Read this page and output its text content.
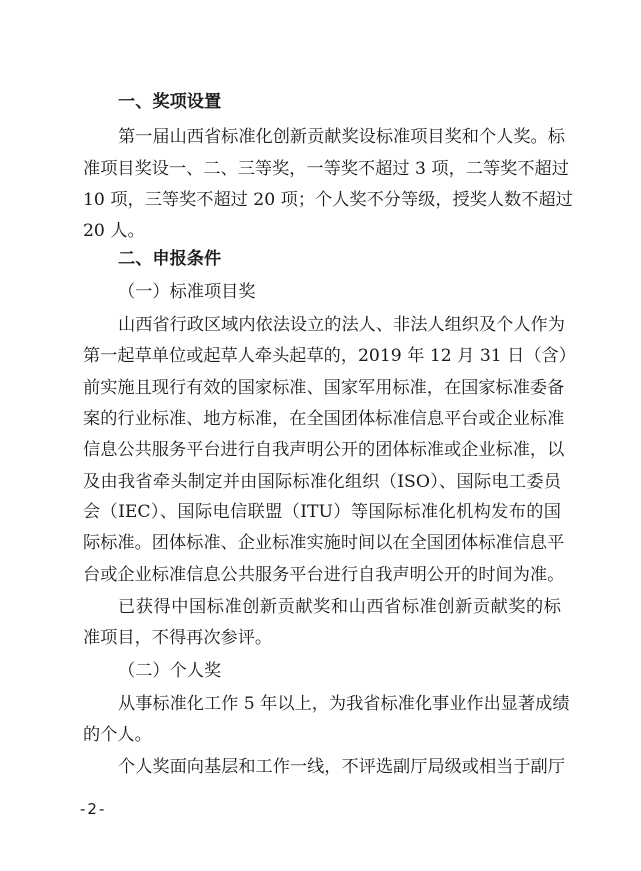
一、奖项设置
第一届山西省标准化创新贡献奖设标准项目奖和个人奖。标
准项目奖设一、二、三等奖，一等奖不超过 3 项，二等奖不超过
10 项，三等奖不超过 20 项；个人奖不分等级，授奖人数不超过
20 人。
二、申报条件
（一）标准项目奖
山西省行政区域内依法设立的法人、非法人组织及个人作为
第一起草单位或起草人牵头起草的，2019 年 12 月 31 日（含）
前实施且现行有效的国家标准、国家军用标准，在国家标准委备
案的行业标准、地方标准，在全国团体标准信息平台或企业标准
信息公共服务平台进行自我声明公开的团体标准或企业标准，以
及由我省牵头制定并由国际标准化组织（ISO）、国际电工委员
会（IEC）、国际电信联盟（ITU）等国际标准化机构发布的国
际标准。团体标准、企业标准实施时间以在全国团体标准信息平
台或企业标准信息公共服务平台进行自我声明公开的时间为准。
已获得中国标准创新贡献奖和山西省标准创新贡献奖的标
准项目，不得再次参评。
（二）个人奖
从事标准化工作 5 年以上，为我省标准化事业作出显著成绩
的个人。
个人奖面向基层和工作一线，不评选副厅局级或相当于副厅
-2-
